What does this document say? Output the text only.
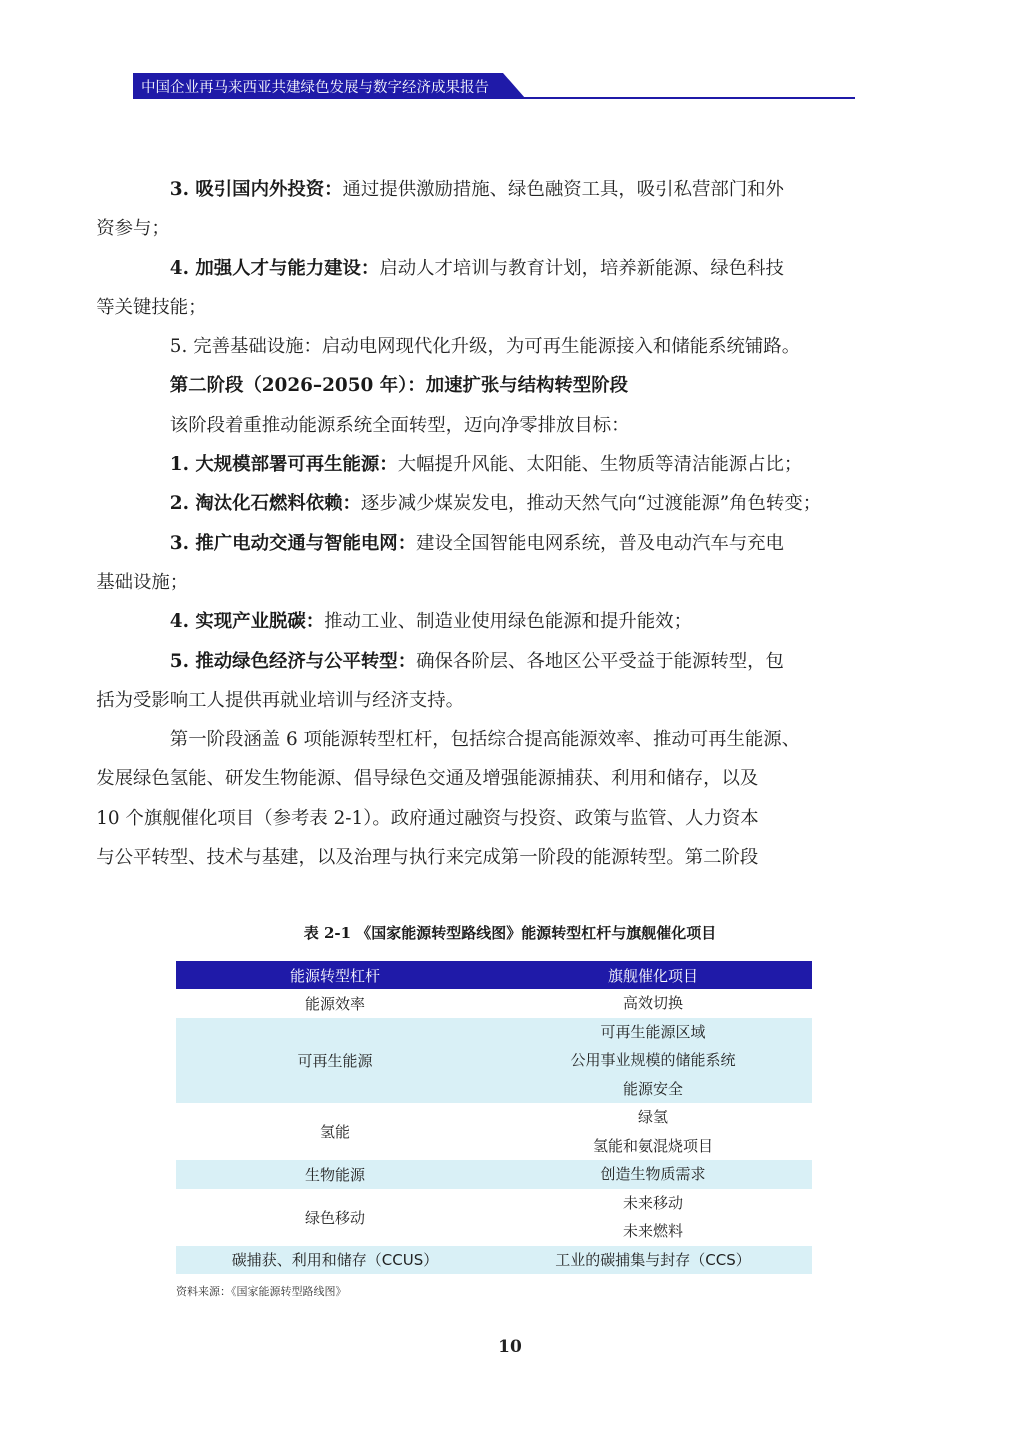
中国企业再马来西亚共建绿色发展与数字经济成果报告

3. 吸引国内外投资：通过提供激励措施、绿色融资工具，吸引私营部门和外
资参与；

4. 加强人才与能力建设：启动人才培训与教育计划，培养新能源、绿色科技
等关键技能；

5. 完善基础设施：启动电网现代化升级，为可再生能源接入和储能系统铺路。

第二阶段（2026–2050 年）：加速扩张与结构转型阶段

该阶段着重推动能源系统全面转型，迈向净零排放目标：

1. 大规模部署可再生能源：大幅提升风能、太阳能、生物质等清洁能源占比；

2. 淘汰化石燃料依赖：逐步减少煤炭发电，推动天然气向“过渡能源”角色转变；

3. 推广电动交通与智能电网：建设全国智能电网系统，普及电动汽车与充电
基础设施；

4. 实现产业脱碳：推动工业、制造业使用绿色能源和提升能效；

5. 推动绿色经济与公平转型：确保各阶层、各地区公平受益于能源转型，包
括为受影响工人提供再就业培训与经济支持。

第一阶段涵盖 6 项能源转型杠杆，包括综合提高能源效率、推动可再生能源、
发展绿色氢能、研发生物能源、倡导绿色交通及增强能源捕获、利用和储存，以及
10 个旗舰催化项目（参考表 2-1）。政府通过融资与投资、政策与监管、人力资本
与公平转型、技术与基建，以及治理与执行来完成第一阶段的能源转型。第二阶段

表 2-1 《国家能源转型路线图》能源转型杠杆与旗舰催化项目
能源转型杠杆	旗舰催化项目
能源效率	高效切换

可再生能源	可再生能源区域
公用事业规模的储能系统
能源安全

氢能	绿氢
氢能和氨混烧项目

生物能源	创造生物质需求

绿色移动	未来移动
未来燃料

碳捕获、利用和储存（CCUS）	工业的碳捕集与封存（CCS）
资料来源：《国家能源转型路线图》
10
